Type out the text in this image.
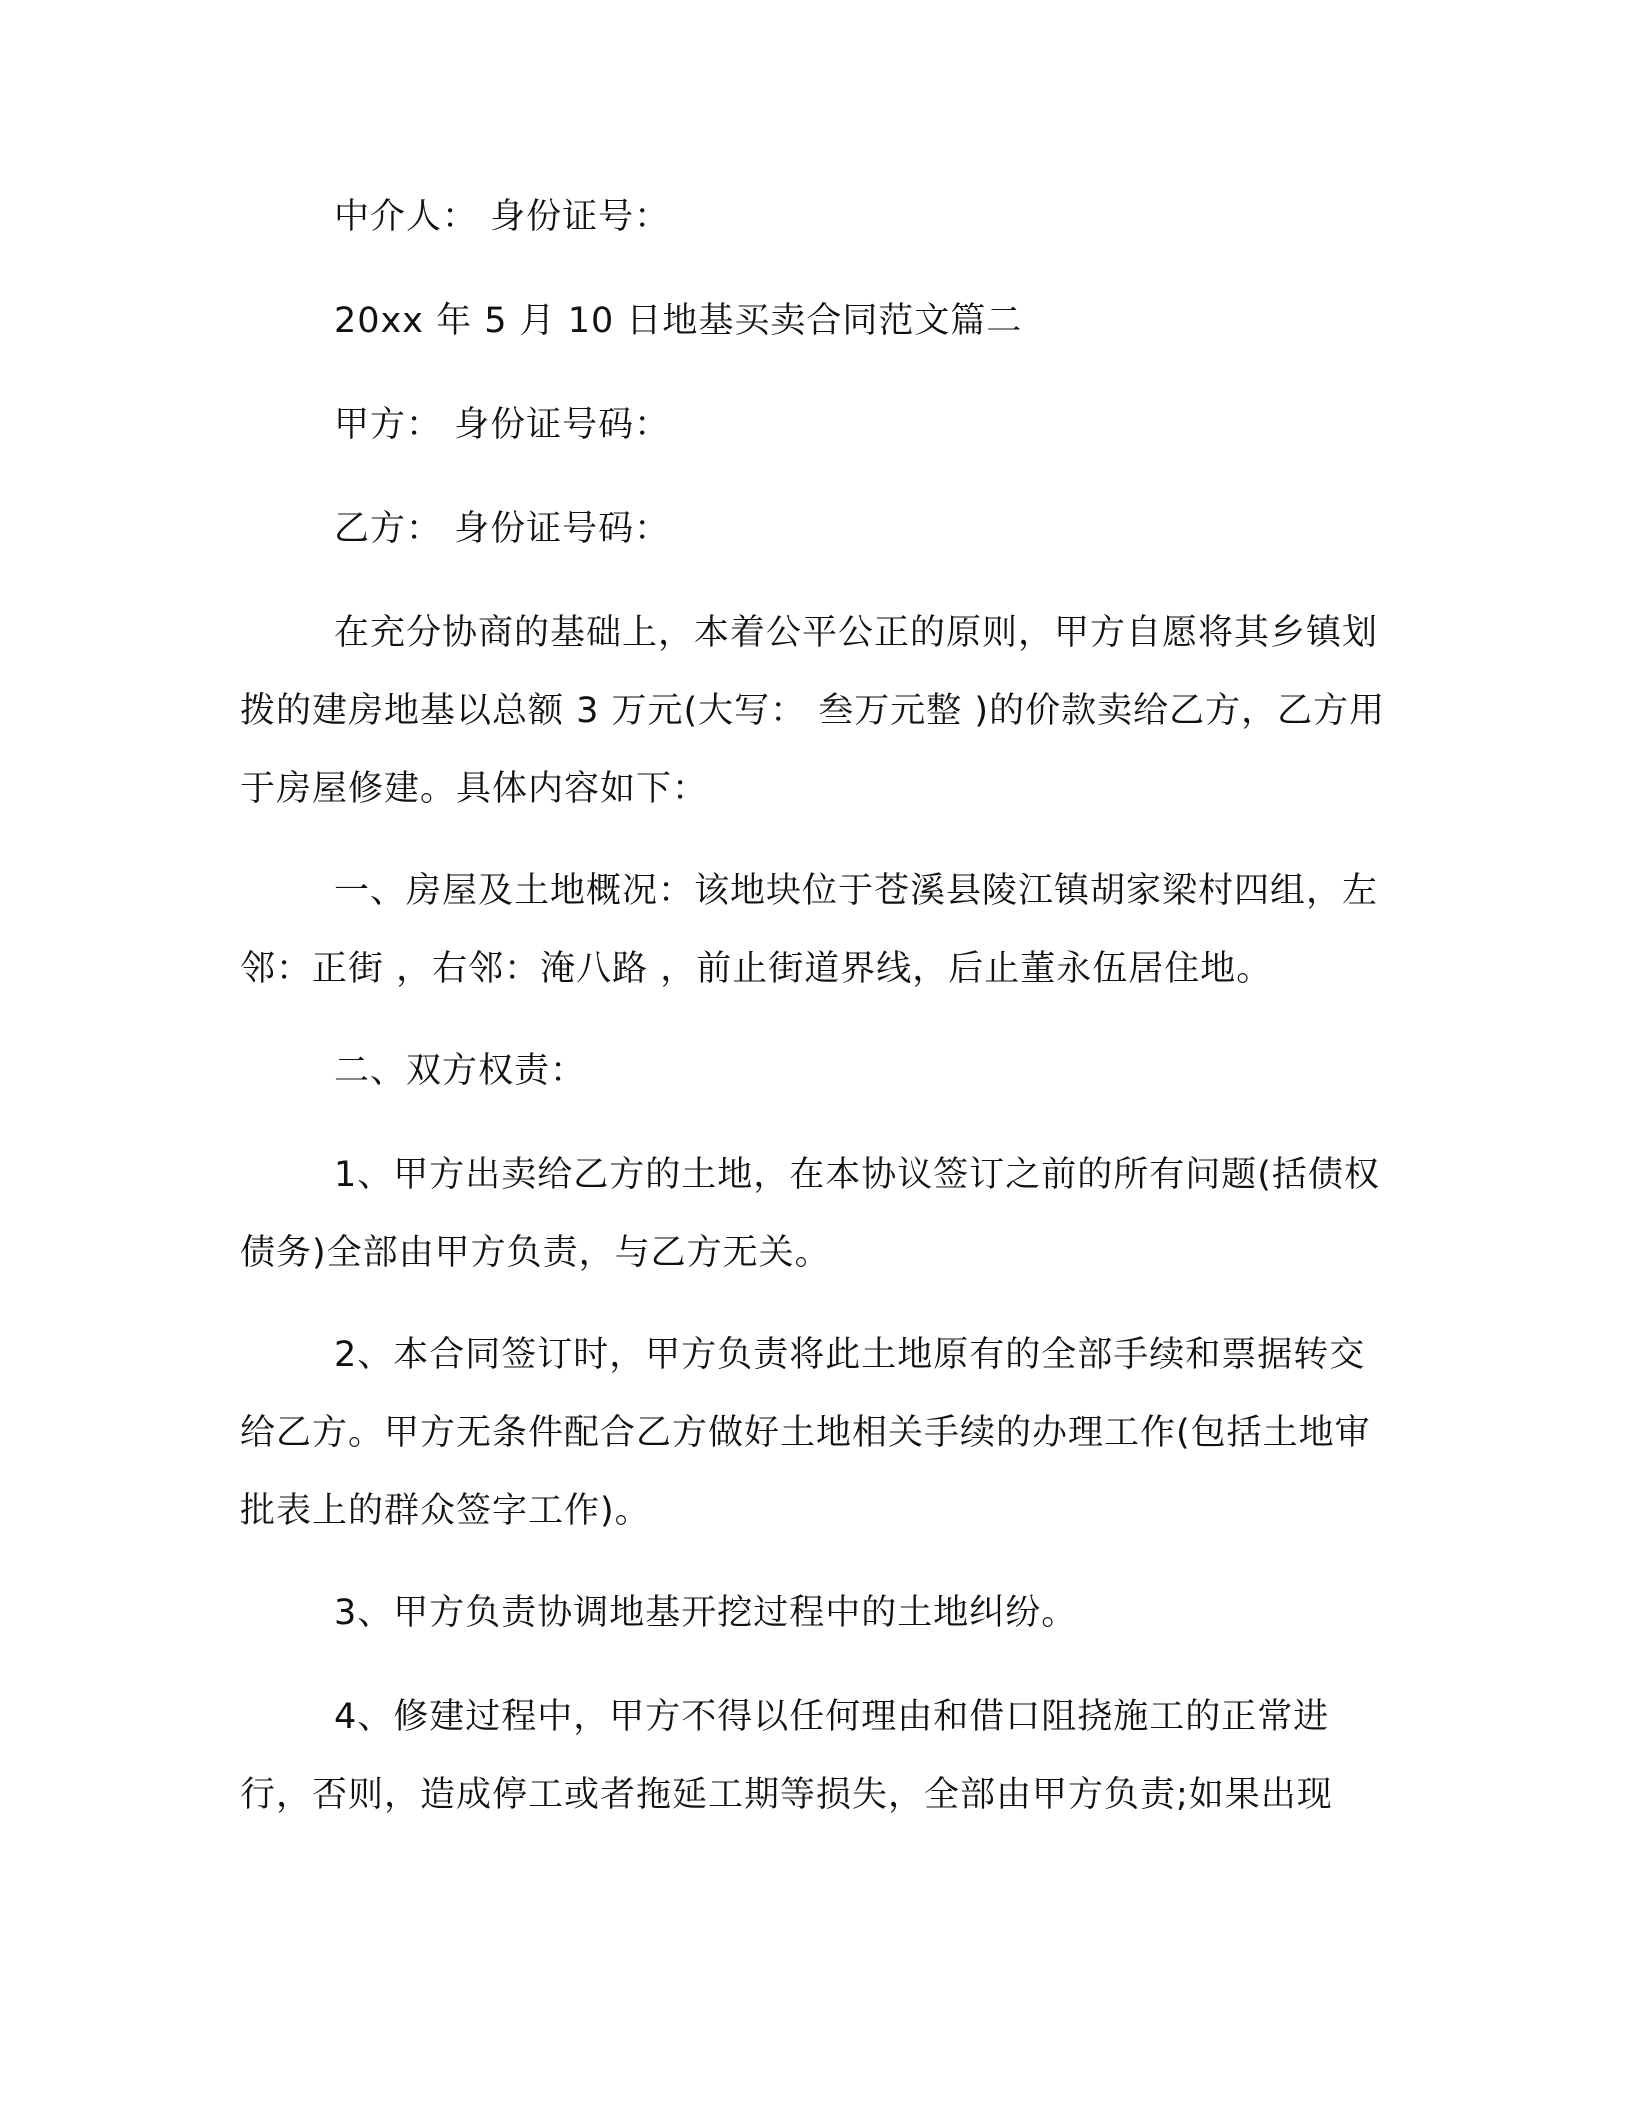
中介人： 身份证号：

20xx 年 5 月 10 日地基买卖合同范文篇二

甲方： 身份证号码：

乙方： 身份证号码：

在充分协商的基础上，本着公平公正的原则，甲方自愿将其乡镇划拨的建房地基以总额 3 万元(大写： 叁万元整 )的价款卖给乙方，乙方用于房屋修建。具体内容如下：

一、房屋及土地概况：该地块位于苍溪县陵江镇胡家梁村四组，左邻：正街 ，右邻：淹八路 ，前止街道界线，后止董永伍居住地。

二、双方权责：

1、甲方出卖给乙方的土地，在本协议签订之前的所有问题(括债权债务)全部由甲方负责，与乙方无关。

2、本合同签订时，甲方负责将此土地原有的全部手续和票据转交给乙方。甲方无条件配合乙方做好土地相关手续的办理工作(包括土地审批表上的群众签字工作)。

3、甲方负责协调地基开挖过程中的土地纠纷。

4、修建过程中，甲方不得以任何理由和借口阻挠施工的正常进行，否则，造成停工或者拖延工期等损失，全部由甲方负责;如果出现
